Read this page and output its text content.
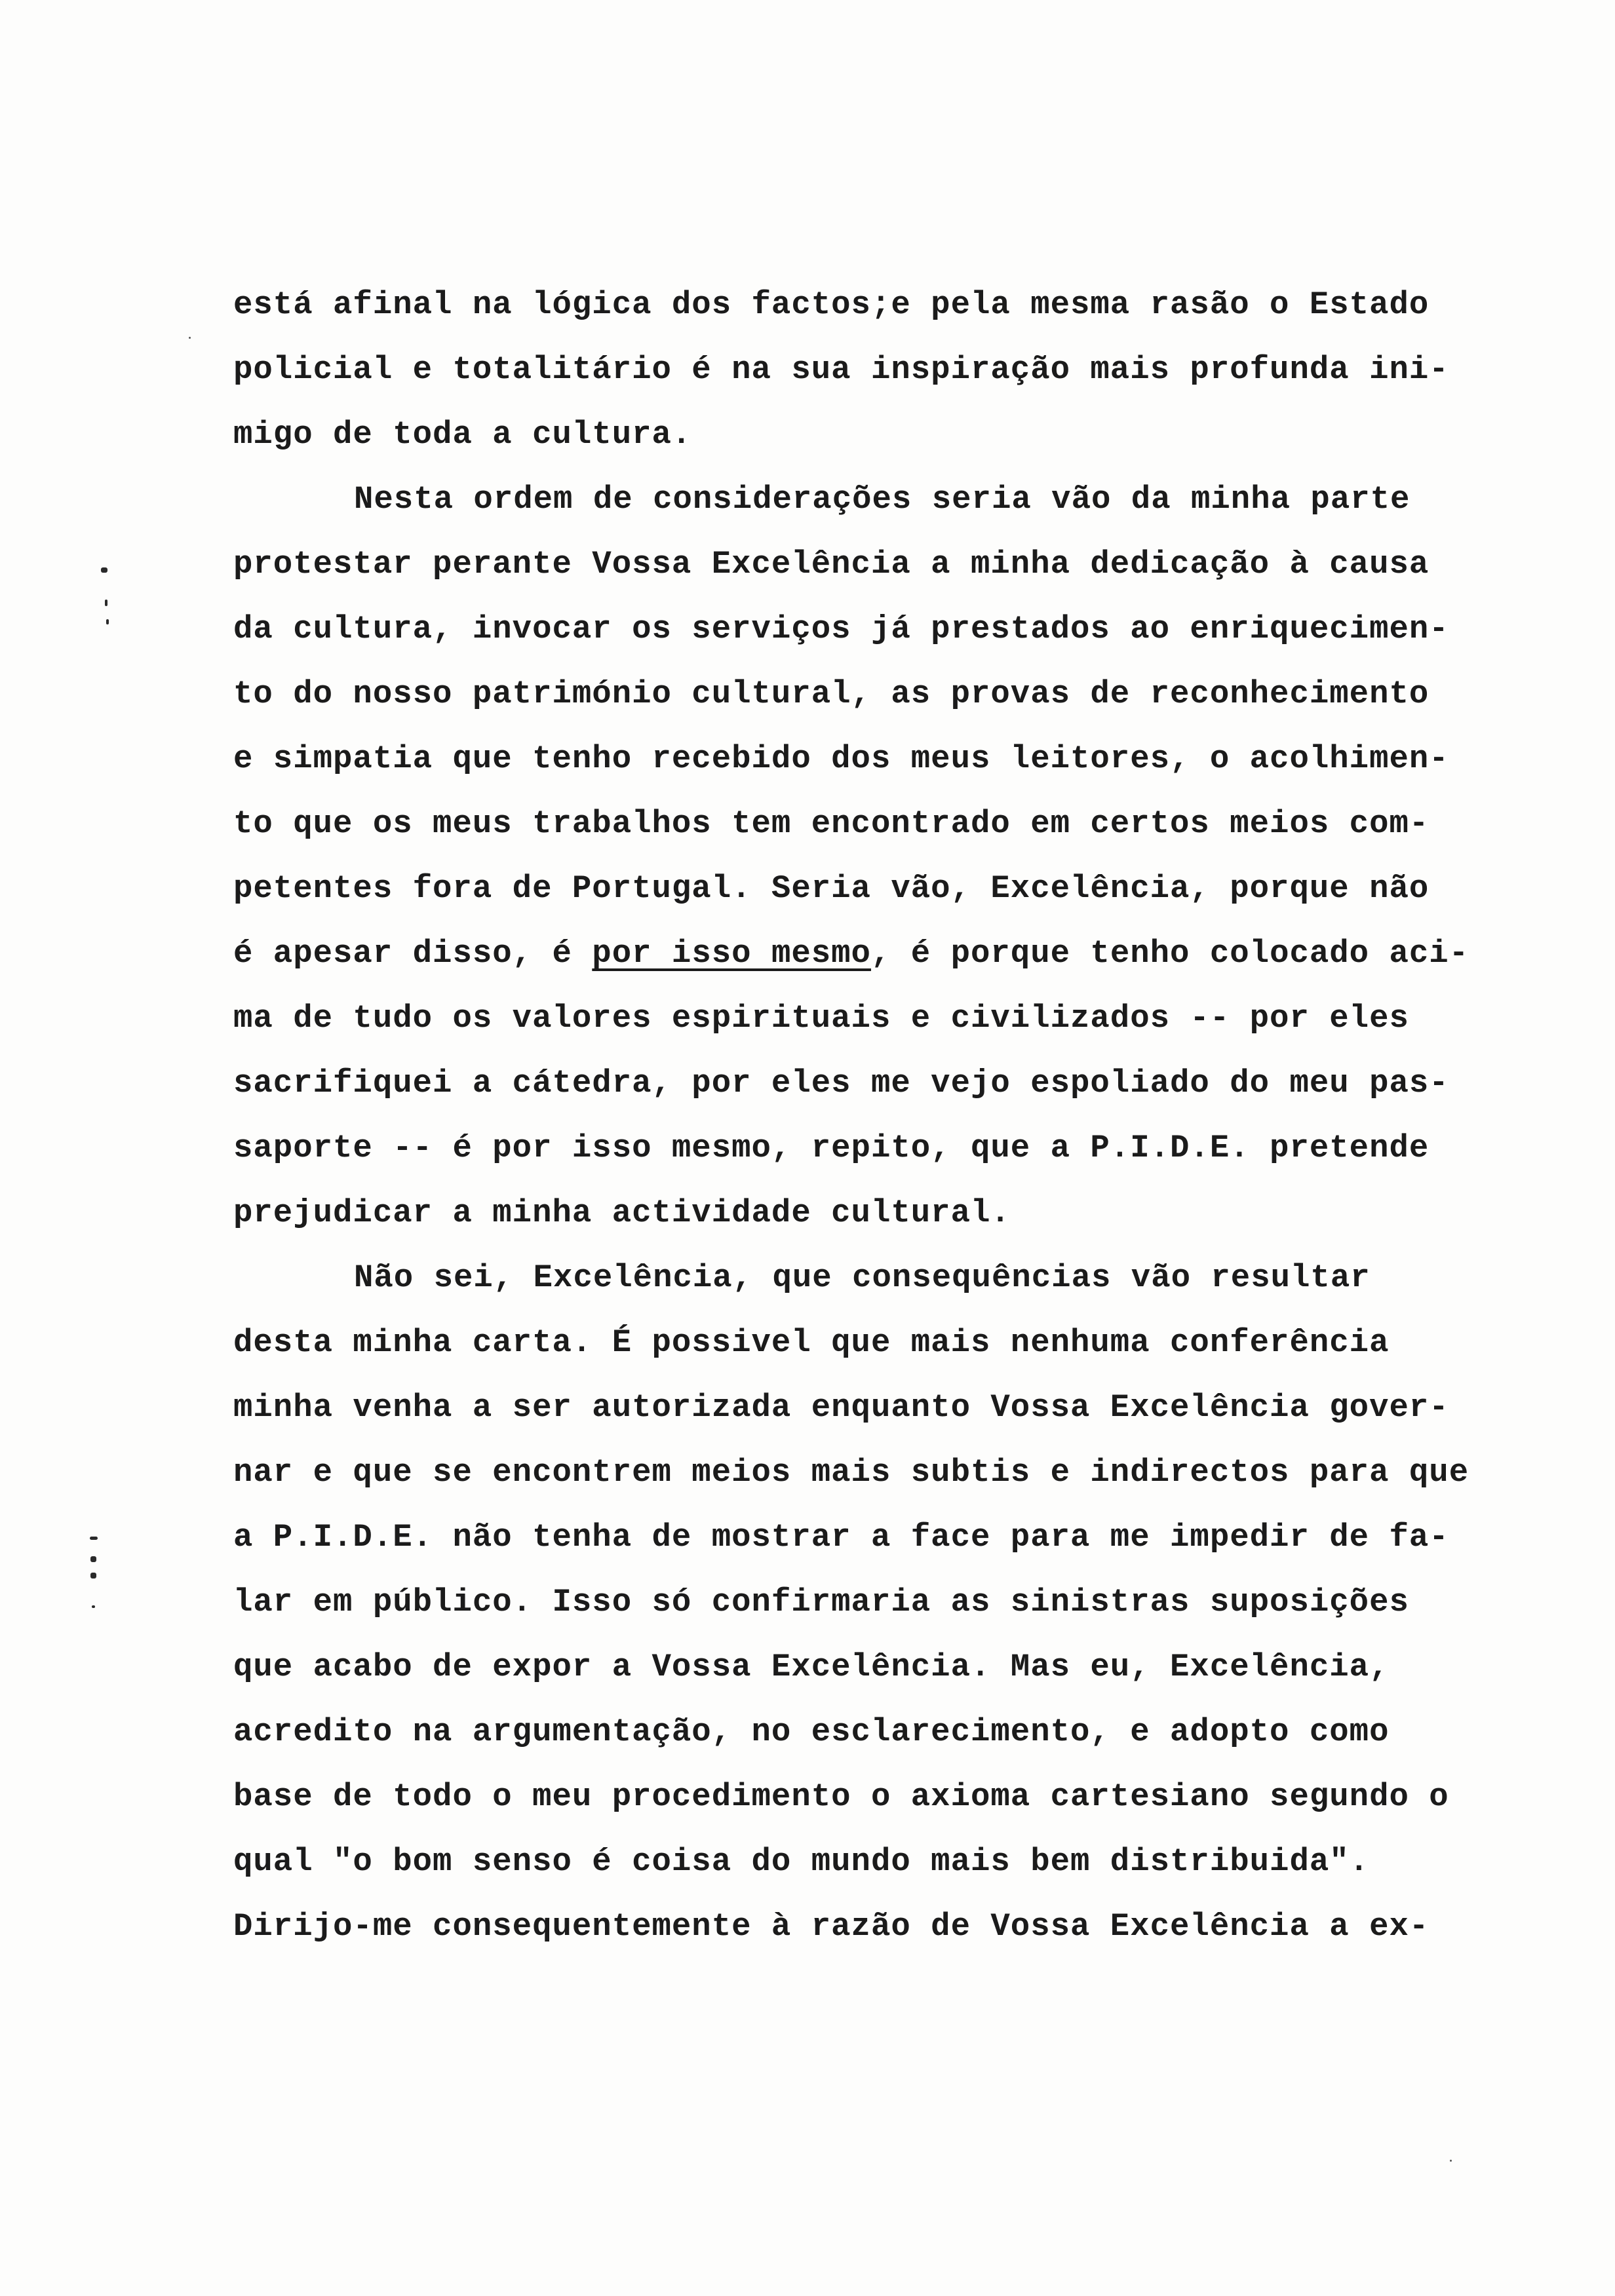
está afinal na lógica dos factos;e pela mesma rasão o Estado
policial e totalitário é na sua inspiração mais profunda ini-
migo de toda a cultura.
Nesta ordem de considerações seria vão da minha parte
protestar perante Vossa Excelência a minha dedicação à causa
da cultura, invocar os serviços já prestados ao enriquecimen-
to do nosso património cultural, as provas de reconhecimento
e simpatia que tenho recebido dos meus leitores, o acolhimen-
to que os meus trabalhos tem encontrado em certos meios com-
petentes fora de Portugal. Seria vão, Excelência, porque não
é apesar disso, é por isso mesmo, é porque tenho colocado aci-
ma de tudo os valores espirituais e civilizados -- por eles
sacrifiquei a cátedra, por eles me vejo espoliado do meu pas-
saporte -- é por isso mesmo, repito, que a P.I.D.E. pretende
prejudicar a minha actividade cultural.
Não sei, Excelência, que consequências vão resultar
desta minha carta. É possivel que mais nenhuma conferência
minha venha a ser autorizada enquanto Vossa Excelência gover-
nar e que se encontrem meios mais subtis e indirectos para que
a P.I.D.E. não tenha de mostrar a face para me impedir de fa-
lar em público. Isso só confirmaria as sinistras suposições
que acabo de expor a Vossa Excelência. Mas eu, Excelência,
acredito na argumentação, no esclarecimento, e adopto como
base de todo o meu procedimento o axioma cartesiano segundo o
qual "o bom senso é coisa do mundo mais bem distribuida".
Dirijo-me consequentemente à razão de Vossa Excelência a ex-
